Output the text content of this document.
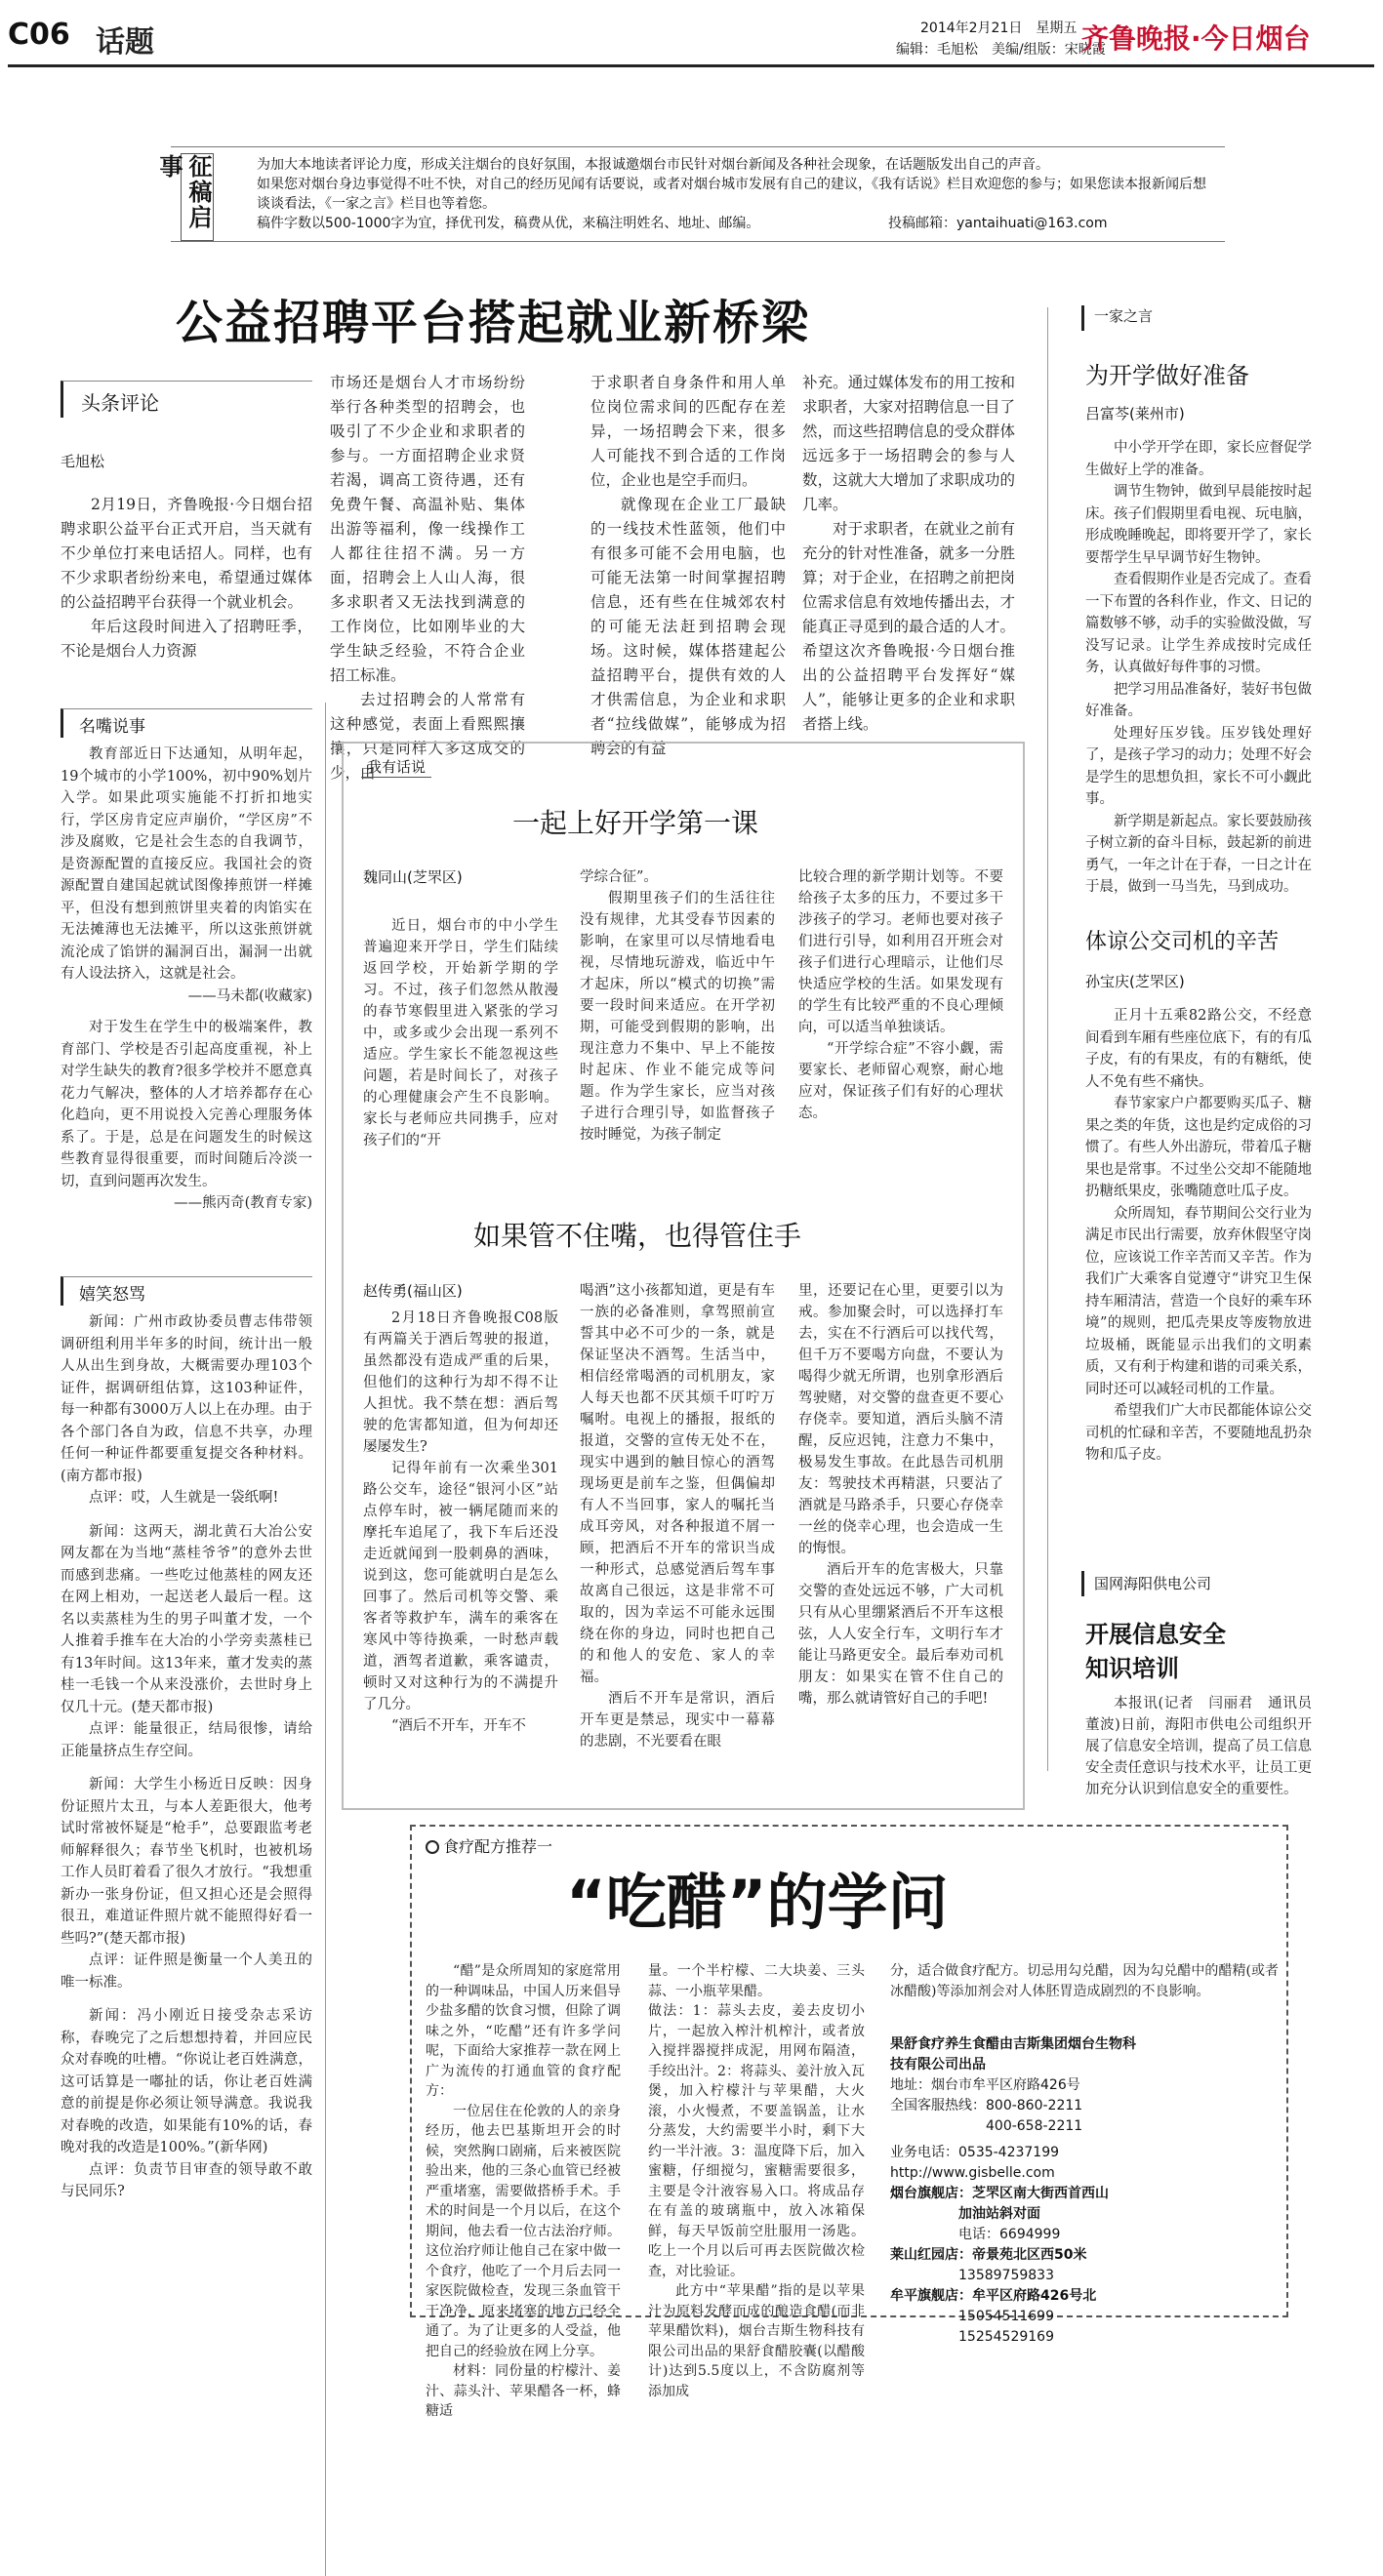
C06 话题	2014年2月21日　星期五
编辑：毛旭松　美编/组版：宋晓霞
齐鲁晚报·今日烟台
征稿启事	为加大本地读者评论力度，形成关注烟台的良好氛围，本报诚邀烟台市民针对烟台新闻及各种社会现象，在话题版发出自己的声音。
如果您对烟台身边事觉得不吐不快，对自己的经历见闻有话要说，或者对烟台城市发展有自己的建议，《我有话说》栏目欢迎您的参与；如果您读本报新闻后想谈谈看法，《一家之言》栏目也等着您。
稿件字数以500-1000字为宜，择优刊发，稿费从优，来稿注明姓名、地址、邮编。	投稿邮箱：yantaihuati@163.com
公益招聘平台搭起就业新桥梁
头条评论
毛旭松

2月19日，齐鲁晚报·今日烟台招聘求职公益平台正式开启，当天就有不少单位打来电话招人。同样，也有不少求职者纷纷来电，希望通过媒体的公益招聘平台获得一个就业机会。

年后这段时间进入了招聘旺季，不论是烟台人力资源

市场还是烟台人才市场纷纷举行各种类型的招聘会，也吸引了不少企业和求职者的参与。一方面招聘企业求贤若渴，调高工资待遇，还有免费午餐、高温补贴、集体出游等福利，像一线操作工人都往往招不满。另一方面，招聘会上人山人海，很多求职者又无法找到满意的工作岗位，比如刚毕业的大学生缺乏经验，不符合企业招工标准。

去过招聘会的人常常有这种感觉，表面上看熙熙攘攘，只是同样人多这成交的少，由

于求职者自身条件和用人单位岗位需求间的匹配存在差异，一场招聘会下来，很多人可能找不到合适的工作岗位，企业也是空手而归。

就像现在企业工厂最缺的一线技术性蓝领，他们中有很多可能不会用电脑，也可能无法第一时间掌握招聘信息，还有些在住城郊农村的可能无法赶到招聘会现场。这时候，媒体搭建起公益招聘平台，提供有效的人才供需信息，为企业和求职者“拉线做媒”，能够成为招聘会的有益

补充。通过媒体发布的用工按和求职者，大家对招聘信息一目了然，而这些招聘信息的受众群体远远多于一场招聘会的参与人数，这就大大增加了求职成功的几率。

对于求职者，在就业之前有充分的针对性准备，就多一分胜算；对于企业，在招聘之前把岗位需求信息有效地传播出去，才能真正寻觅到的最合适的人才。希望这次齐鲁晚报·今日烟台推出的公益招聘平台发挥好“媒人”，能够让更多的企业和求职者搭上线。

名嘴说事

教育部近日下达通知，从明年起，19个城市的小学100%，初中90%划片入学。如果此项实施能不打折扣地实行，学区房肯定应声崩价，“学区房”不涉及腐败，它是社会生态的自我调节，是资源配置的直接反应。我国社会的资源配置自建国起就试图像捧煎饼一样摊平，但没有想到煎饼里夹着的肉馅实在无法摊薄也无法摊平，所以这张煎饼就流沦成了馅饼的漏洞百出，漏洞一出就有人设法挤入，这就是社会。

——马未都(收藏家)

对于发生在学生中的极端案件，教育部门、学校是否引起高度重视，补上对学生缺失的教育?很多学校并不愿意真花力气解决，整体的人才培养都存在心化趋向，更不用说投入完善心理服务体系了。于是，总是在问题发生的时候这些教育显得很重要，而时间随后冷淡一切，直到问题再次发生。

——熊丙奇(教育专家)

嬉笑怒骂

新闻：广州市政协委员曹志伟带领调研组利用半年多的时间，统计出一般人从出生到身故，大概需要办理103个证件，据调研组估算，这103种证件，每一种都有3000万人以上在办理。由于各个部门各自为政，信息不共享，办理任何一种证件都要重复提交各种材料。(南方都市报)

点评：哎，人生就是一袋纸啊!

新闻：这两天，湖北黄石大冶公安网友都在为当地“蒸桂爷爷”的意外去世而感到悲痛。一些吃过他蒸桂的网友还在网上相劝，一起送老人最后一程。这名以卖蒸桂为生的男子叫董才发，一个人推着手推车在大冶的小学旁卖蒸桂已有13年时间。这13年来，董才发卖的蒸桂一毛钱一个从来没涨价，去世时身上仅几十元。(楚天都市报)

点评：能量很正，结局很惨，请给正能量挤点生存空间。

新闻：大学生小杨近日反映：因身份证照片太丑，与本人差距很大，他考试时常被怀疑是“枪手”，总要跟监考老师解释很久；春节坐飞机时，也被机场工作人员盯着看了很久才放行。“我想重新办一张身份证，但又担心还是会照得很丑，难道证件照片就不能照得好看一些吗?”(楚天都市报)

点评：证件照是衡量一个人美丑的唯一标准。

新闻：冯小刚近日接受杂志采访称，春晚完了之后想想持着，并回应民众对春晚的吐槽。“你说让老百姓满意，这可话算是一嘟扯的话，你让老百姓满意的前提是你必须让领导满意。我说我对春晚的改造，如果能有10%的话，春晚对我的改造是100%。”(新华网)

点评：负责节目审查的领导敢不敢与民同乐?

我有话说
一起上好开学第一课
魏同山(芝罘区)

近日，烟台市的中小学生普遍迎来开学日，学生们陆续返回学校，开始新学期的学习。不过，孩子们忽然从散漫的春节寒假里进入紧张的学习中，或多或少会出现一系列不适应。学生家长不能忽视这些问题，若是时间长了，对孩子的心理健康会产生不良影响。家长与老师应共同携手，应对孩子们的“开

学综合征”。

假期里孩子们的生活往往没有规律，尤其受春节因素的影响，在家里可以尽情地看电视，尽情地玩游戏，临近中午才起床，所以“模式的切换”需要一段时间来适应。在开学初期，可能受到假期的影响，出现注意力不集中、早上不能按时起床、作业不能完成等问题。作为学生家长，应当对孩子进行合理引导，如监督孩子按时睡觉，为孩子制定

比较合理的新学期计划等。不要给孩子太多的压力，不要过多干涉孩子的学习。老师也要对孩子们进行引导，如利用召开班会对孩子们进行心理暗示，让他们尽快适应学校的生活。如果发现有的学生有比较严重的不良心理倾向，可以适当单独谈话。

“开学综合症”不容小觑，需要家长、老师留心观察，耐心地应对，保证孩子们有好的心理状态。

如果管不住嘴，也得管住手
赵传勇(福山区)

2月18日齐鲁晚报C08版有两篇关于酒后驾驶的报道，虽然都没有造成严重的后果，但他们的这种行为却不得不让人担忧。我不禁在想：酒后驾驶的危害都知道，但为何却还屡屡发生?

记得年前有一次乘坐301路公交车，途径“银河小区”站点停车时，被一辆尾随而来的摩托车追尾了，我下车后还没走近就闻到一股刺鼻的酒味，说到这，您可能就明白是怎么回事了。然后司机等交警、乘客者等救护车，满车的乘客在寒风中等待换乘，一时愁声载道，酒驾者道歉，乘客谴责，顿时又对这种行为的不满提升了几分。

“酒后不开车，开车不

喝酒”这小孩都知道，更是有车一族的必备准则，拿驾照前宣誓其中必不可少的一条，就是保证坚决不酒驾。生活当中，相信经常喝酒的司机朋友，家人每天也都不厌其烦千叮咛万嘱咐。电视上的播报，报纸的报道，交警的宣传无处不在，现实中遇到的触目惊心的酒驾现场更是前车之鉴，但偶偏却有人不当回事，家人的嘱托当成耳旁风，对各种报道不屑一顾，把酒后不开车的常识当成一种形式，总感觉酒后驾车事故离自己很远，这是非常不可取的，因为幸运不可能永远围绕在你的身边，同时也把自己的和他人的安危、家人的幸福。

酒后不开车是常识，酒后开车更是禁忌，现实中一幕幕的悲剧，不光要看在眼

里，还要记在心里，更要引以为戒。参加聚会时，可以选择打车去，实在不行酒后可以找代驾，但千万不要喝方向盘，不要认为喝得少就无所谓，也别拿形酒后驾驶赌，对交警的盘查更不要心存侥幸。要知道，酒后头脑不清醒，反应迟钝，注意力不集中，极易发生事故。在此恳告司机朋友：驾驶技术再精湛，只要沾了酒就是马路杀手，只要心存侥幸一丝的侥幸心理，也会造成一生的悔恨。

酒后开车的危害极大，只靠交警的查处远远不够，广大司机只有从心里绷紧酒后不开车这根弦，人人安全行车，文明行车才能让马路更安全。最后奉劝司机朋友：如果实在管不住自己的嘴，那么就请管好自己的手吧!

一家之言
为开学做好准备
吕富芩(莱州市)

中小学开学在即，家长应督促学生做好上学的准备。

调节生物钟，做到早晨能按时起床。孩子们假期里看电视、玩电脑，形成晚睡晚起，即将要开学了，家长要帮学生早早调节好生物钟。

查看假期作业是否完成了。查看一下布置的各科作业，作文、日记的篇数够不够，动手的实验做没做，写没写记录。让学生养成按时完成任务，认真做好每件事的习惯。

把学习用品准备好，装好书包做好准备。

处理好压岁钱。压岁钱处理好了，是孩子学习的动力；处理不好会是学生的思想负担，家长不可小觑此事。

新学期是新起点。家长要鼓励孩子树立新的奋斗目标，鼓起新的前进勇气，一年之计在于春，一日之计在于晨，做到一马当先，马到成功。

体谅公交司机的辛苦
孙宝庆(芝罘区)

正月十五乘82路公交，不经意间看到车厢有些座位底下，有的有瓜子皮，有的有果皮，有的有糖纸，使人不免有些不痛快。

春节家家户户都要购买瓜子、糖果之类的年货，这也是约定成俗的习惯了。有些人外出游玩，带着瓜子糖果也是常事。不过坐公交却不能随地扔糖纸果皮，张嘴随意吐瓜子皮。

众所周知，春节期间公交行业为满足市民出行需要，放弃休假坚守岗位，应该说工作辛苦而又辛苦。作为我们广大乘客自觉遵守“讲究卫生保持车厢清洁，营造一个良好的乘车环境”的规则，把瓜壳果皮等废物放进垃圾桶，既能显示出我们的文明素质，又有利于构建和谐的司乘关系，同时还可以减轻司机的工作量。

希望我们广大市民都能体谅公交司机的忙碌和辛苦，不要随地乱扔杂物和瓜子皮。

国网海阳供电公司
开展信息安全
知识培训

本报讯(记者　闫丽君　通讯员　董波)日前，海阳市供电公司组织开展了信息安全培训，提高了员工信息安全责任意识与技术水平，让员工更加充分认识到信息安全的重要性。

食疗配方推荐一
“吃醋”的学问

“醋”是众所周知的家庭常用的一种调味品，中国人历来倡导少盐多醋的饮食习惯，但除了调味之外，“吃醋”还有许多学问呢，下面给大家推荐一款在网上广为流传的打通血管的食疗配方：

一位居住在伦敦的人的亲身经历，他去巴基斯坦开会的时候，突然胸口剧痛，后来被医院验出来，他的三条心血管已经被严重堵塞，需要做搭桥手术。手术的时间是一个月以后，在这个期间，他去看一位古法治疗师。这位治疗师让他自己在家中做一个食疗，他吃了一个月后去同一家医院做检查，发现三条血管干干净净，原来堵塞的地方已经全通了。为了让更多的人受益，他把自己的经验放在网上分享。

材料：同份量的柠檬汁、姜汁、蒜头汁、苹果醋各一杯，蜂糖适

量。一个半柠檬、二大块姜、三头蒜、一小瓶苹果醋。

做法：1：蒜头去皮，姜去皮切小片，一起放入榨汁机榨汁，或者放入搅拌器搅拌成泥，用网布隔渣，手绞出汁。2：将蒜头、姜汁放入瓦煲，加入柠檬汁与苹果醋，大火滚，小火慢煮，不要盖锅盖，让水分蒸发，大约需要半小时，剩下大约一半汁液。3：温度降下后，加入蜜糖，仔细搅匀，蜜糖需要很多，主要是令汁液容易入口。将成品存在有盖的玻璃瓶中，放入冰箱保鲜，每天早饭前空肚服用一汤匙。吃上一个月以后可再去医院做次检查，对比验证。

此方中“苹果醋”指的是以苹果汁为原料发酵而成的酿造食醋(而非苹果醋饮料)，烟台吉斯生物科技有限公司出品的果舒食醋胶囊(以醋酸计)达到5.5度以上，不含防腐剂等添加成

分，适合做食疗配方。切忌用勾兑醋，因为勾兑醋中的醋精(或者冰醋酸)等添加剂会对人体胚胃造成剧烈的不良影响。

果舒食疗养生食醋由吉斯集团烟台生物科技有限公司出品
地址：烟台市牟平区府路426号
全国客服热线：800-860-2211
400-658-2211
业务电话：0535-4237199
http://www.gisbelle.com
烟台旗舰店：芝罘区南大街西首西山
加油站斜对面
电话：6694999
莱山红园店：帝景苑北区西50米
13589759833
牟平旗舰店：牟平区府路426号北
15054511699　15254529169
